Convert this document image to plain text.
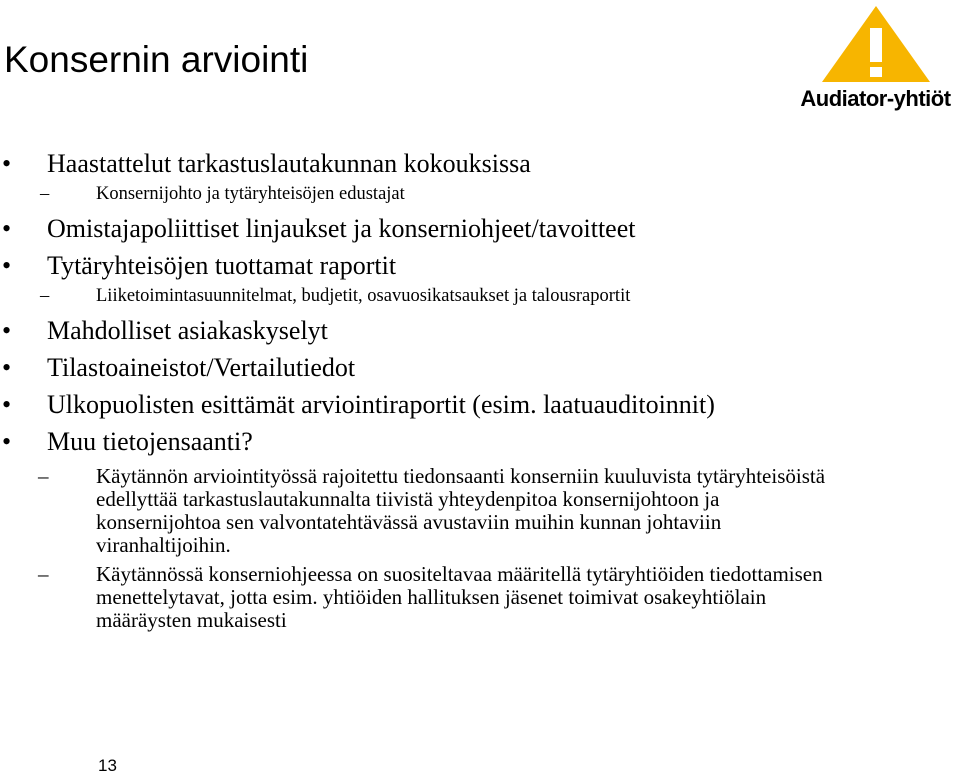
Konsernin arviointi
Audiator-yhtiöt
• Haastattelut tarkastuslautakunnan kokouksissa
–	Konsernijohto ja tytäryhteisöjen edustajat
• Omistajapoliittiset linjaukset ja konserniohjeet/tavoitteet
• Tytäryhteisöjen tuottamat raportit
–	Liiketoimintasuunnitelmat, budjetit, osavuosikatsaukset ja talousraportit
• Mahdolliset asiakaskyselyt
• Tilastoaineistot/Vertailutiedot
• Ulkopuolisten esittämät arviointiraportit (esim. laatuauditoinnit)
• Muu tietojensaanti?
– Käytännön arviointityössä rajoitettu tiedonsaanti konserniin kuuluvista tytäryhteisöistä edellyttää tarkastuslautakunnalta tiivistä yhteydenpitoa konsernijohtoon ja konsernijohtoa sen valvontatehtävässä avustaviin muihin kunnan johtaviin viranhaltijoihin.
– Käytännössä konserniohjeessa on suositeltavaa määritellä tytäryhtiöiden tiedottamisen menettelytavat, jotta esim. yhtiöiden hallituksen jäsenet toimivat osakeyhtiölain määräysten mukaisesti
13
